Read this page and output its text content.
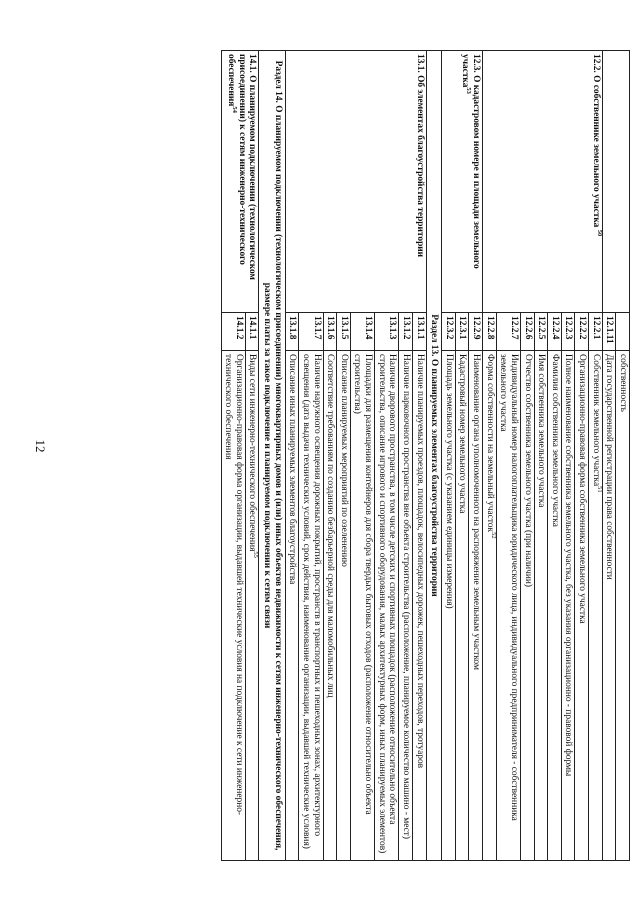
12
		собственность
	12.1.11	Дата государственной регистрации права собственности
12.2. О собственнике земельного участка $^{50}$	12.2.1	Собственник земельного участка$^{51}$
	12.2.2	Организационно-правовая форма собственника земельного участка
	12.2.3	Полное наименование собственника земельного участка, без указания организационно - правовой формы
	12.2.4	Фамилия собственника земельного участка
	12.2.5	Имя собственника земельного участка
	12.2.6	Отчество собственника земельного участка (при наличии)
	12.2.7	Индивидуальный номер налогоплательщика юридического лица, индивидуального предпринимателя - собственника земельного участка
	12.2.8	Форма собственности на земельный участок$^{52}$
12.3. О кадастровом номере и площади земельного участка$^{53}$	12.2.9	Наименование органа уполномоченного на распоряжение земельным участком
	12.3.1	Кадастровый номер земельного участка
	12.3.2	Площадь земельного участка (с указанием единицы измерения)
Раздел 13. О планируемых элементах благоустройства территории		
13.1. Об элементах благоустройства территории	13.1.1	Наличие планируемых проездов, площадок, велосипедных дорожек, пешеходных переходов, тротуаров
	13.1.2	Наличие парковочного пространства вне объекта строительства (расположение, планируемое количество машино - мест)
	13.1.3	Наличие дворового пространства, в том числе детских и спортивных площадок (расположение относительно объекта строительства, описание игрового и спортивного оборудования, малых архитектурных форм, иных планируемых элементов)
	13.1.4	Площадки для размещения контейнеров для сбора твердых бытовых отходов (расположение относительно объекта строительства)
	13.1.5	Описание планируемых мероприятий по озеленению
	13.1.6	Соответствие требованиям по созданию безбарьерной среды для маломобильных лиц
	13.1.7	Наличие наружного освещения дорожных покрытий, пространств в транспортных и пешеходных зонах, архитектурного освещения (дата выдачи технических условий, срок действия, наименование организации, выдавшей технические условия)
	13.1.8	Описание иных планируемых элементов благоустройства
Раздел 14. О планируемом подключении (технологическом присоединении) многоквартирных домов и (или) иных объектов недвижимости к сетям инженерно-технического обеспечения, размере платы за такое подключение и планируемом подключении к сетям связи		
14.1. О планируемом подключении (технологическом присоединении) к сетям инженерно-технического обеспечения$^{54}$	14.1.1	Виды сети инженерно-технического обеспечения$^{55}$
	14.1.2	Организационно-правовая форма организации, выдавшей технические условия на подключение к сети инженерно-технического обеспечения
